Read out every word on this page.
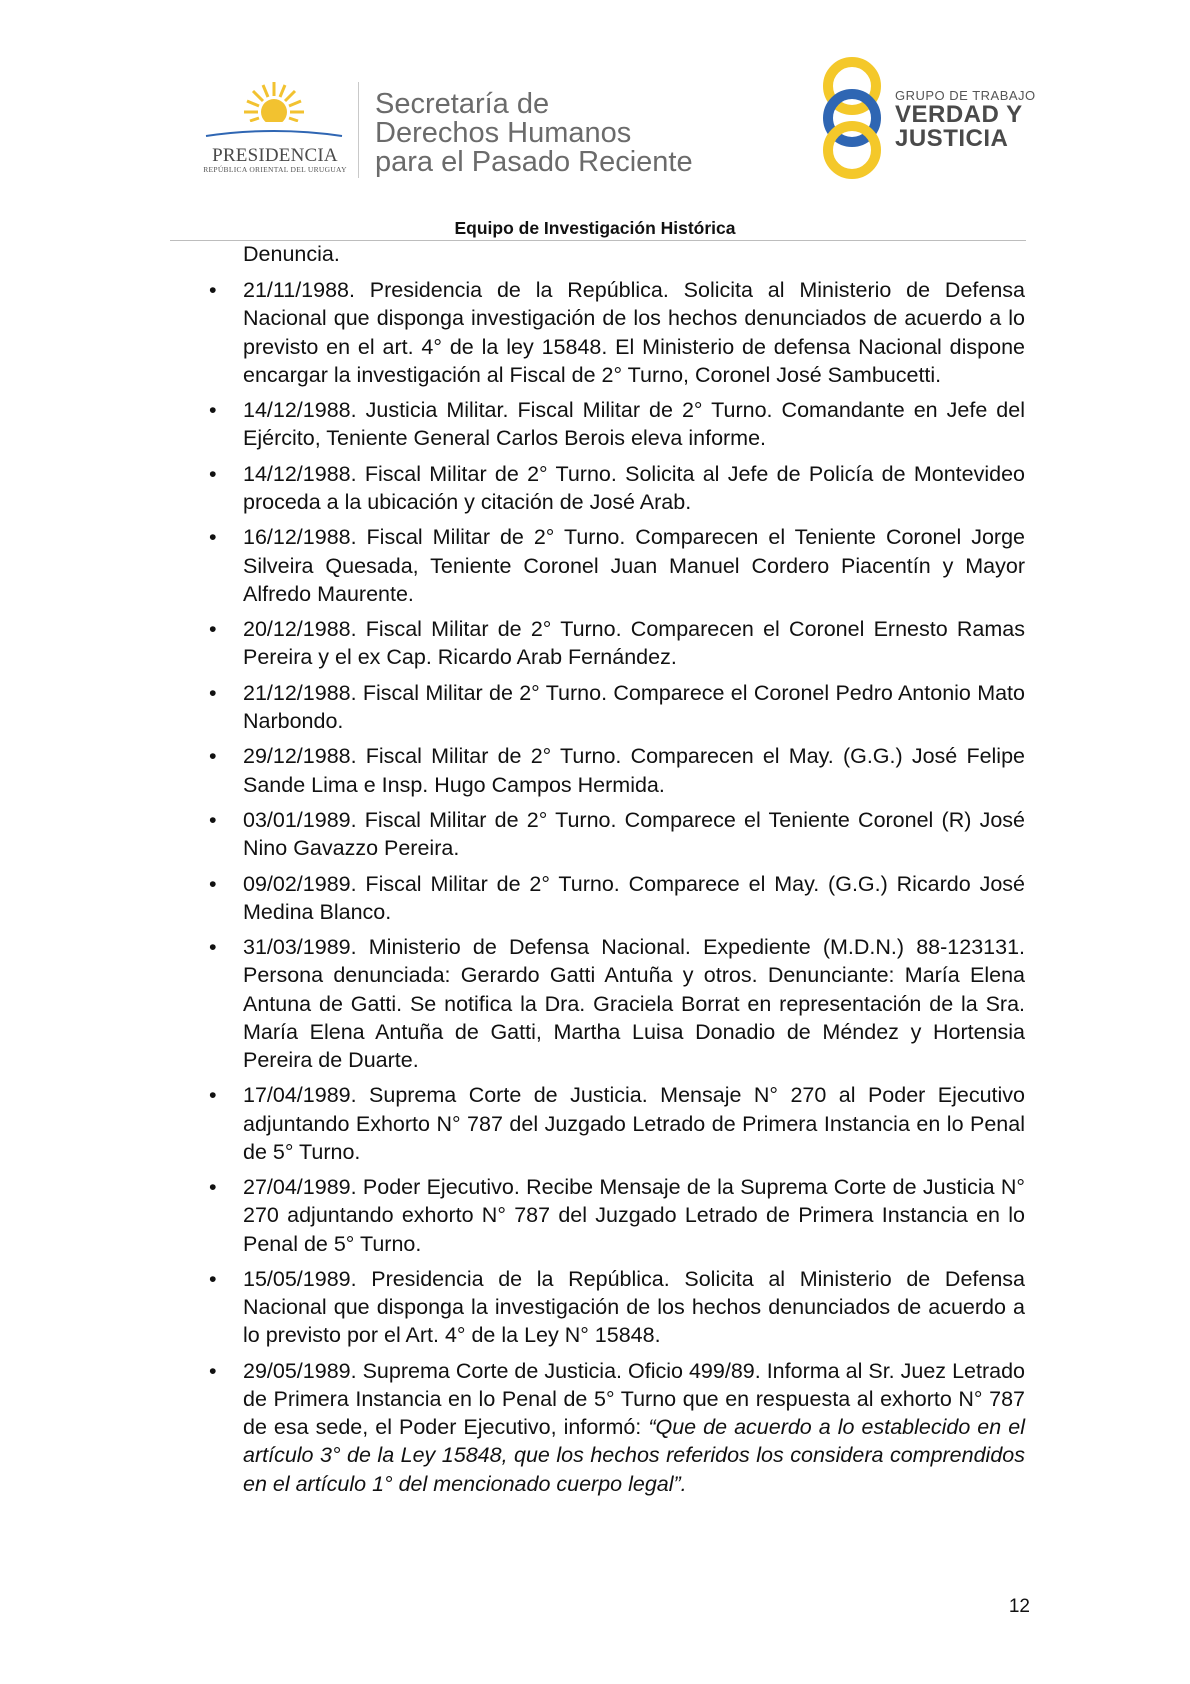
PRESIDENCIA
REPÚBLICA ORIENTAL DEL URUGUAY
Secretaría de
Derechos Humanos
para el Pasado Reciente
GRUPO DE TRABAJO
VERDAD Y
JUSTICIA
Equipo de Investigación Histórica
Denuncia.
• 21/11/1988. Presidencia de la República. Solicita al Ministerio de Defensa Nacional que disponga investigación de los hechos denunciados de acuerdo a lo previsto en el art. 4° de la ley 15848. El Ministerio de defensa Nacional dispone encargar la investigación al Fiscal de 2° Turno, Coronel José Sambucetti.
• 14/12/1988. Justicia Militar. Fiscal Militar de 2° Turno. Comandante en Jefe del Ejército, Teniente General Carlos Berois eleva informe.
• 14/12/1988. Fiscal Militar de 2° Turno. Solicita al Jefe de Policía de Montevideo proceda a la ubicación y citación de José Arab.
• 16/12/1988. Fiscal Militar de 2° Turno. Comparecen el Teniente Coronel Jorge Silveira Quesada, Teniente Coronel Juan Manuel Cordero Piacentín y Mayor Alfredo Maurente.
• 20/12/1988. Fiscal Militar de 2° Turno. Comparecen el Coronel Ernesto Ramas Pereira y el ex Cap. Ricardo Arab Fernández.
• 21/12/1988. Fiscal Militar de 2° Turno. Comparece el Coronel Pedro Antonio Mato Narbondo.
• 29/12/1988. Fiscal Militar de 2° Turno. Comparecen el May. (G.G.) José Felipe Sande Lima e Insp. Hugo Campos Hermida.
• 03/01/1989. Fiscal Militar de 2° Turno. Comparece el Teniente Coronel (R) José Nino Gavazzo Pereira.
• 09/02/1989. Fiscal Militar de 2° Turno. Comparece el May. (G.G.) Ricardo José Medina Blanco.
• 31/03/1989. Ministerio de Defensa Nacional. Expediente (M.D.N.) 88-123131. Persona denunciada: Gerardo Gatti Antuña y otros. Denunciante: María Elena Antuna de Gatti. Se notifica la Dra. Graciela Borrat en representación de la Sra. María Elena Antuña de Gatti, Martha Luisa Donadio de Méndez y Hortensia Pereira de Duarte.
• 17/04/1989. Suprema Corte de Justicia. Mensaje N° 270 al Poder Ejecutivo adjuntando Exhorto N° 787 del Juzgado Letrado de Primera Instancia en lo Penal de 5° Turno.
• 27/04/1989. Poder Ejecutivo. Recibe Mensaje de la Suprema Corte de Justicia N° 270 adjuntando exhorto N° 787 del Juzgado Letrado de Primera Instancia en lo Penal de 5° Turno.
• 15/05/1989. Presidencia de la República. Solicita al Ministerio de Defensa Nacional que disponga la investigación de los hechos denunciados de acuerdo a lo previsto por el Art. 4° de la Ley N° 15848.
• 29/05/1989. Suprema Corte de Justicia. Oficio 499/89. Informa al Sr. Juez Letrado de Primera Instancia en lo Penal de 5° Turno que en respuesta al exhorto N° 787 de esa sede, el Poder Ejecutivo, informó: “Que de acuerdo a lo establecido en el artículo 3° de la Ley 15848, que los hechos referidos los considera comprendidos en el artículo 1° del mencionado cuerpo legal”.
12
